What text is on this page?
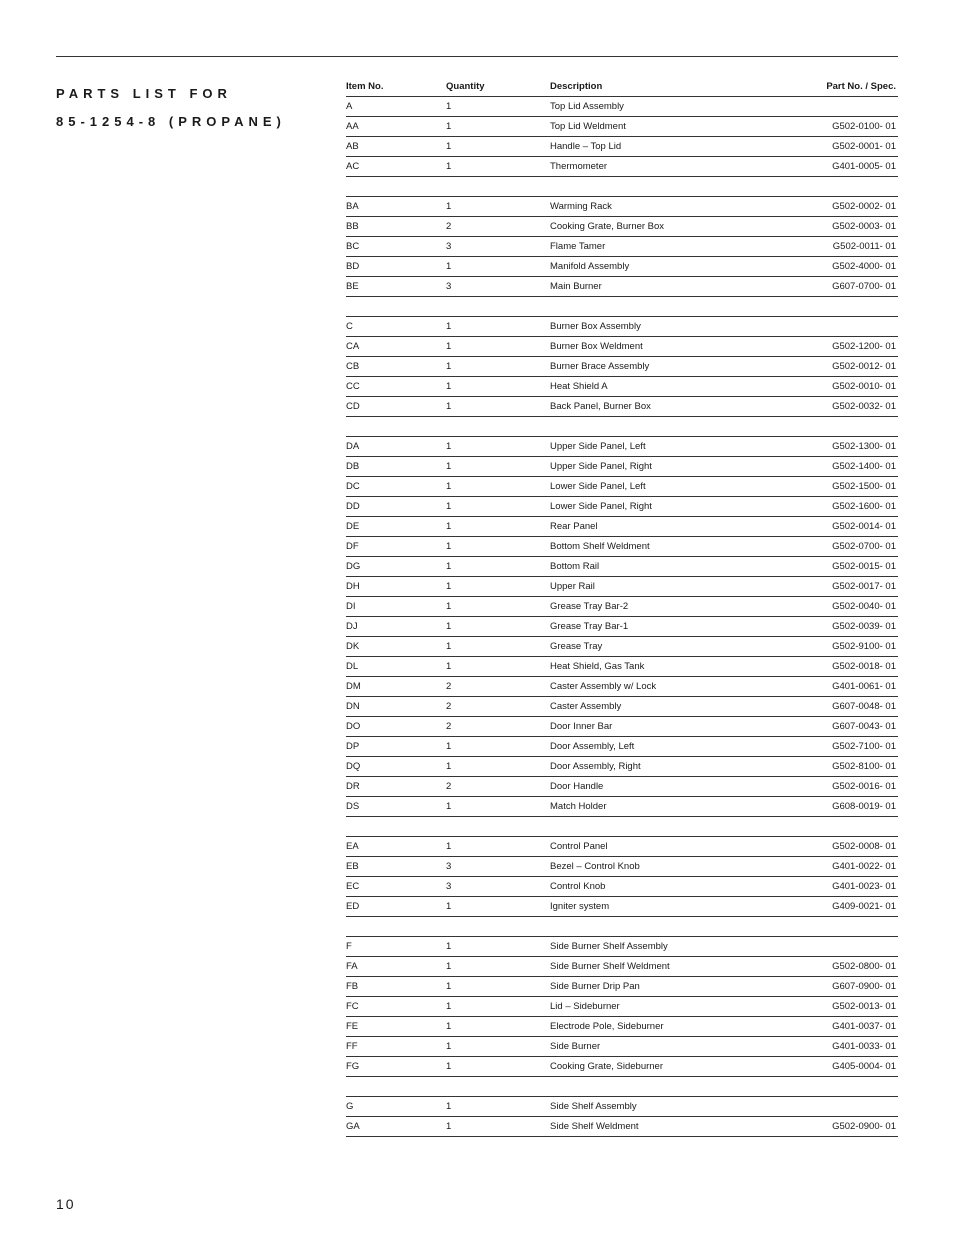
PARTS LIST FOR
85-1254-8 (PROPANE)
Item No.	Quantity	Description	Part No. / Spec.
A	1	Top Lid Assembly	
AA	1	Top Lid Weldment	G502-0100- 01
AB	1	Handle – Top Lid	G502-0001- 01
AC	1	Thermometer	G401-0005- 01

BA	1	Warming Rack	G502-0002- 01
BB	2	Cooking Grate, Burner Box	G502-0003- 01
BC	3	Flame Tamer	G502-0011- 01
BD	1	Manifold Assembly	G502-4000- 01
BE	3	Main Burner	G607-0700- 01

C	1	Burner Box Assembly	
CA	1	Burner Box Weldment	G502-1200- 01
CB	1	Burner Brace Assembly	G502-0012- 01
CC	1	Heat Shield A	G502-0010- 01
CD	1	Back Panel, Burner Box	G502-0032- 01

DA	1	Upper Side Panel, Left	G502-1300- 01
DB	1	Upper Side Panel, Right	G502-1400- 01
DC	1	Lower Side Panel, Left	G502-1500- 01
DD	1	Lower Side Panel, Right	G502-1600- 01
DE	1	Rear Panel	G502-0014- 01
DF	1	Bottom Shelf Weldment	G502-0700- 01
DG	1	Bottom Rail	G502-0015- 01
DH	1	Upper Rail	G502-0017- 01
DI	1	Grease Tray Bar-2	G502-0040- 01
DJ	1	Grease Tray Bar-1	G502-0039- 01
DK	1	Grease Tray	G502-9100- 01
DL	1	Heat Shield, Gas Tank	G502-0018- 01
DM	2	Caster Assembly w/ Lock	G401-0061- 01
DN	2	Caster Assembly	G607-0048- 01
DO	2	Door Inner Bar	G607-0043- 01
DP	1	Door Assembly, Left	G502-7100- 01
DQ	1	Door Assembly, Right	G502-8100- 01
DR	2	Door Handle	G502-0016- 01
DS	1	Match Holder	G608-0019- 01

EA	1	Control Panel	G502-0008- 01
EB	3	Bezel – Control Knob	G401-0022- 01
EC	3	Control Knob	G401-0023- 01
ED	1	Igniter system	G409-0021- 01

F	1	Side Burner Shelf Assembly	
FA	1	Side Burner Shelf Weldment	G502-0800- 01
FB	1	Side Burner Drip Pan	G607-0900- 01
FC	1	Lid – Sideburner	G502-0013- 01
FE	1	Electrode Pole, Sideburner	G401-0037- 01
FF	1	Side Burner	G401-0033- 01
FG	1	Cooking Grate, Sideburner	G405-0004- 01

G	1	Side Shelf Assembly	
GA	1	Side Shelf Weldment	G502-0900- 01
10
